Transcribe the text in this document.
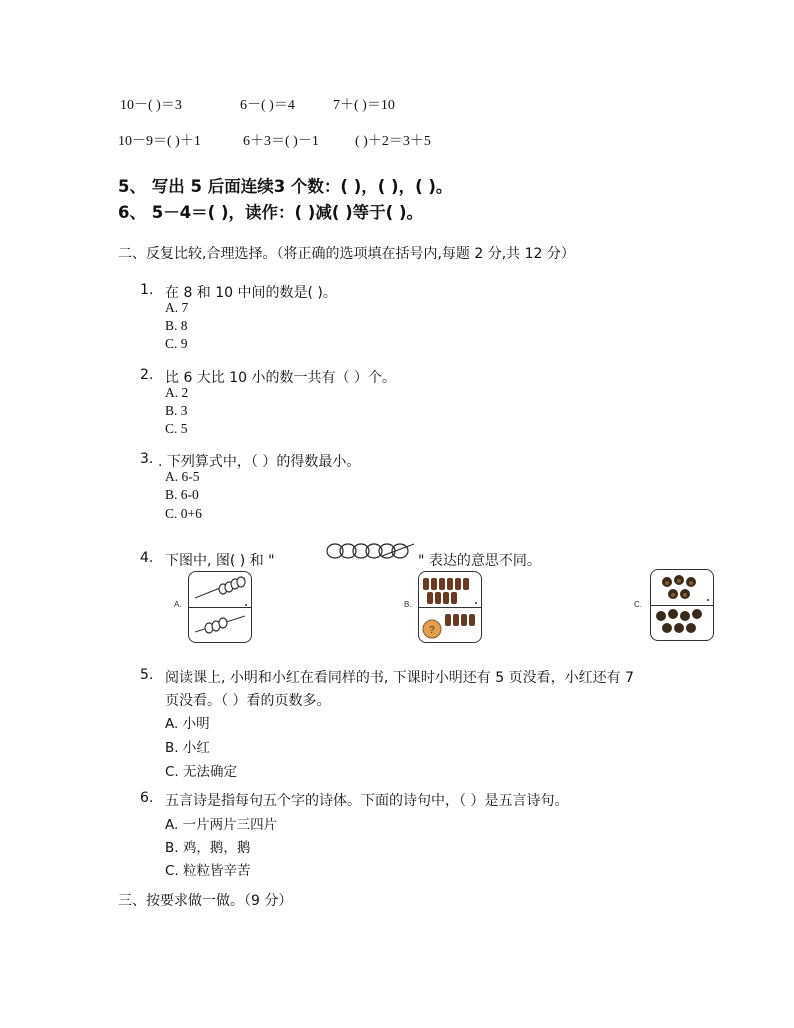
10－( )＝3	6－( )＝4	7＋( )＝10
10－9＝( )＋1	6＋3＝( )－1	( )＋2＝3＋5
5、 写出 5 后面连续3 个数：( )，( )，( )。
6、 5－4＝( )，读作：( )减( )等于( )。
二、反复比较,合理选择。（将正确的选项填在括号内,每题 2 分,共 12 分）
1. 在 8 和 10 中间的数是( )。
A. 7
B. 8
C. 9
2. 比 6 大比 10 小的数一共有（ ）个。
A. 2
B. 3
C. 5
3. . 下列算式中，（ ）的得数最小。
A. 6-5
B. 6-0
C. 0+6
4. 下图中, 图( ) 和 "	" 表达的意思不同。
A.	B.
?
C.
5. 阅读课上, 小明和小红在看同样的书, 下课时小明还有 5 页没看，小红还有 7
页没看。（ ）看的页数多。
A. 小明
B. 小红
C. 无法确定
6. 五言诗是指每句五个字的诗体。下面的诗句中，（ ）是五言诗句。
A. 一片两片三四片
B. 鸡，鹅，鹅
C. 粒粒皆辛苦
三、按要求做一做。（9 分）
